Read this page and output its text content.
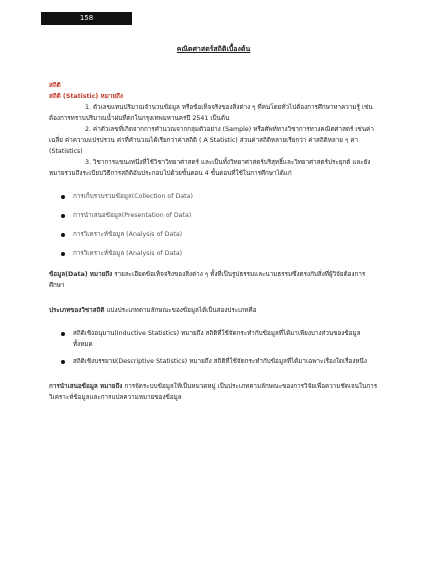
158
คณิตศาสตร์สถิติเบื้องต้น

สถิติ

สถิติ (Statistic) หมายถึง

1. ตัวเลขแทนปริมาณจำนวนข้อมูล หรือข้อเท็จจริงของสิ่งต่าง ๆ ที่คนโดยทั่วไปต้องการศึกษาหาความรู้ เช่นต้องการทราบปริมาณน้ำฝนที่ตกในกรุงเทพมหานครปี 2541 เป็นต้น

2. ค่าตัวเลขที่เกิดจากการคำนวณจากกลุ่มตัวอย่าง (Sample) หรือศัพท์ทางวิชาการทางคณิตศาสตร์ เช่นค่าเฉลี่ย ค่าความแปรปรวน ค่าที่คำนวณได้เรียกว่าค่าสถิติ ( A Statistic) ส่วนค่าสถิติหลายเรียกว่า ค่าสถิติหลาย ๆ ค่า (Statistics)

3. วิชาการแขนงหนึ่งที่ใช้วิชาวิทยาศาสตร์ และเป็นทั้งวิทยาศาสตร์บริสุทธิ์และวิทยาศาสตร์ประยุกต์ และยังหมายรวมถึงระเบียบวิธีการสถิติอันประกอบไปด้วยขั้นตอน 4 ขั้นตอนที่ใช้ในการศึกษาได้แก่

การเก็บรวบรวมข้อมูล(Collection of Data)
การนำเสนอข้อมูล(Presentation of Data)
การวิเคราะห์ข้อมูล (Analysis of Data)
การวิเคราะห์ข้อมูล (Analysis of Data)

ข้อมูล(Data) หมายถึง รายละเอียดข้อเท็จจริงของสิ่งต่าง ๆ ทั้งที่เป็นรูปธรรมและนามธรรมซึ่งตรงกับสิ่งที่ผู้วิจัยต้องการศึกษา

ประเภทของวิชาสถิติ แบ่งประเภทตามลักษณะของข้อมูลได้เป็นสองประเภทคือ

สถิติเชิงอนุมาน(Inductive Statistics) หมายถึง สถิติที่ใช้จัดกระทำกับข้อมูลที่ได้มาเพียงบางส่วนของข้อมูลทั้งหมด
สถิติเชิงบรรยาย(Descriptive Statistics) หมายถึง สถิติที่ใช้จัดกระทำกับข้อมูลที่ได้มาเฉพาะเรื่องใดเรื่องหนึ่ง

การนำเสนอข้อมูล หมายถึง การจัดระบบข้อมูลให้เป็นหมวดหมู่ เป็นประเภทตามลักษณะของการวิจัยเพื่อความชัดเจนในการวิเคราะห์ข้อมูลและการแปลความหมายของข้อมูล
